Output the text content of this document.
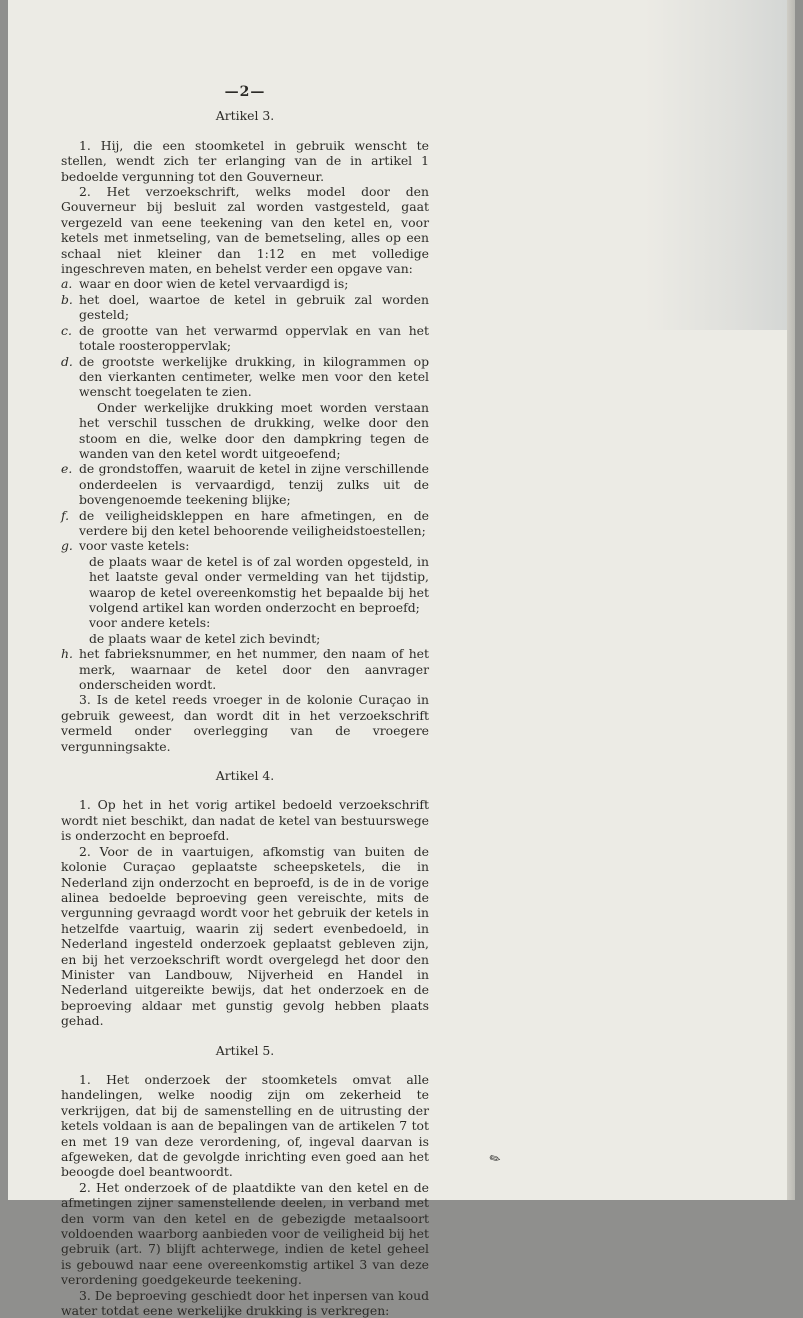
—2—

Artikel 3.

1. Hij, die een stoomketel in gebruik wenscht te stellen, wendt zich ter erlanging van de in artikel 1 bedoelde vergunning tot den Gouverneur.

2. Het verzoekschrift, welks model door den Gouverneur bij besluit zal worden vastgesteld, gaat vergezeld van eene teekening van den ketel en, voor ketels met inmetseling, van de bemetseling, alles op een schaal niet kleiner dan 1:12 en met volledige ingeschreven maten, en behelst verder een opgave van:

a. waar en door wien de ketel vervaardigd is;
b. het doel, waartoe de ketel in gebruik zal worden gesteld;
c. de grootte van het verwarmd oppervlak en van het totale roosteroppervlak;
d. de grootste werkelijke drukking, in kilogrammen op den vierkanten centimeter, welke men voor den ketel wenscht toegelaten te zien.

Onder werkelijke drukking moet worden verstaan het verschil tusschen de drukking, welke door den stoom en die, welke door den dampkring tegen de wanden van den ketel wordt uitgeoefend;

e. de grondstoffen, waaruit de ketel in zijne verschillende onderdeelen is vervaardigd, tenzij zulks uit de bovengenoemde teekening blijke;
f. de veiligheidskleppen en hare afmetingen, en de verdere bij den ketel behoorende veiligheidstoestellen;
g. voor vaste ketels:

de plaats waar de ketel is of zal worden opgesteld, in het laatste geval onder vermelding van het tijdstip, waarop de ketel overeenkomstig het bepaalde bij het volgend artikel kan worden onderzocht en beproefd;

voor andere ketels:

de plaats waar de ketel zich bevindt;

h. het fabrieksnummer, en het nummer, den naam of het merk, waarnaar de ketel door den aanvrager onderscheiden wordt.

3. Is de ketel reeds vroeger in de kolonie Curaçao in gebruik geweest, dan wordt dit in het verzoekschrift vermeld onder overlegging van de vroegere vergunningsakte.

Artikel 4.

1. Op het in het vorig artikel bedoeld verzoekschrift wordt niet beschikt, dan nadat de ketel van bestuurswege is onderzocht en beproefd.

2. Voor de in vaartuigen, afkomstig van buiten de kolonie Curaçao geplaatste scheepsketels, die in Nederland zijn onderzocht en beproefd, is de in de vorige alinea bedoelde beproeving geen vereischte, mits de vergunning gevraagd wordt voor het gebruik der ketels in hetzelfde vaartuig, waarin zij sedert evenbedoeld, in Nederland ingesteld onderzoek geplaatst gebleven zijn, en bij het verzoekschrift wordt overgelegd het door den Minister van Landbouw, Nijverheid en Handel in Nederland uitgereikte bewijs, dat het onderzoek en de beproeving aldaar met gunstig gevolg hebben plaats gehad.

Artikel 5.

1. Het onderzoek der stoomketels omvat alle handelingen, welke noodig zijn om zekerheid te verkrijgen, dat bij de samenstelling en de uitrusting der ketels voldaan is aan de bepalingen van de artikelen 7 tot en met 19 van deze verordening, of, ingeval daarvan is afgeweken, dat de gevolgde inrichting even goed aan het beoogde doel beantwoordt.

2. Het onderzoek of de plaatdikte van den ketel en de afmetingen zijner samenstellende deelen, in verband met den vorm van den ketel en de gebezigde metaalsoort voldoenden waarborg aanbieden voor de veiligheid bij het gebruik (art. 7) blijft achterwege, indien de ketel geheel is gebouwd naar eene overeenkomstig artikel 3 van deze verordening goedgekeurde teekening.

3. De beproeving geschiedt door het inpersen van koud water totdat eene werkelijke drukking is verkregen:

✎
